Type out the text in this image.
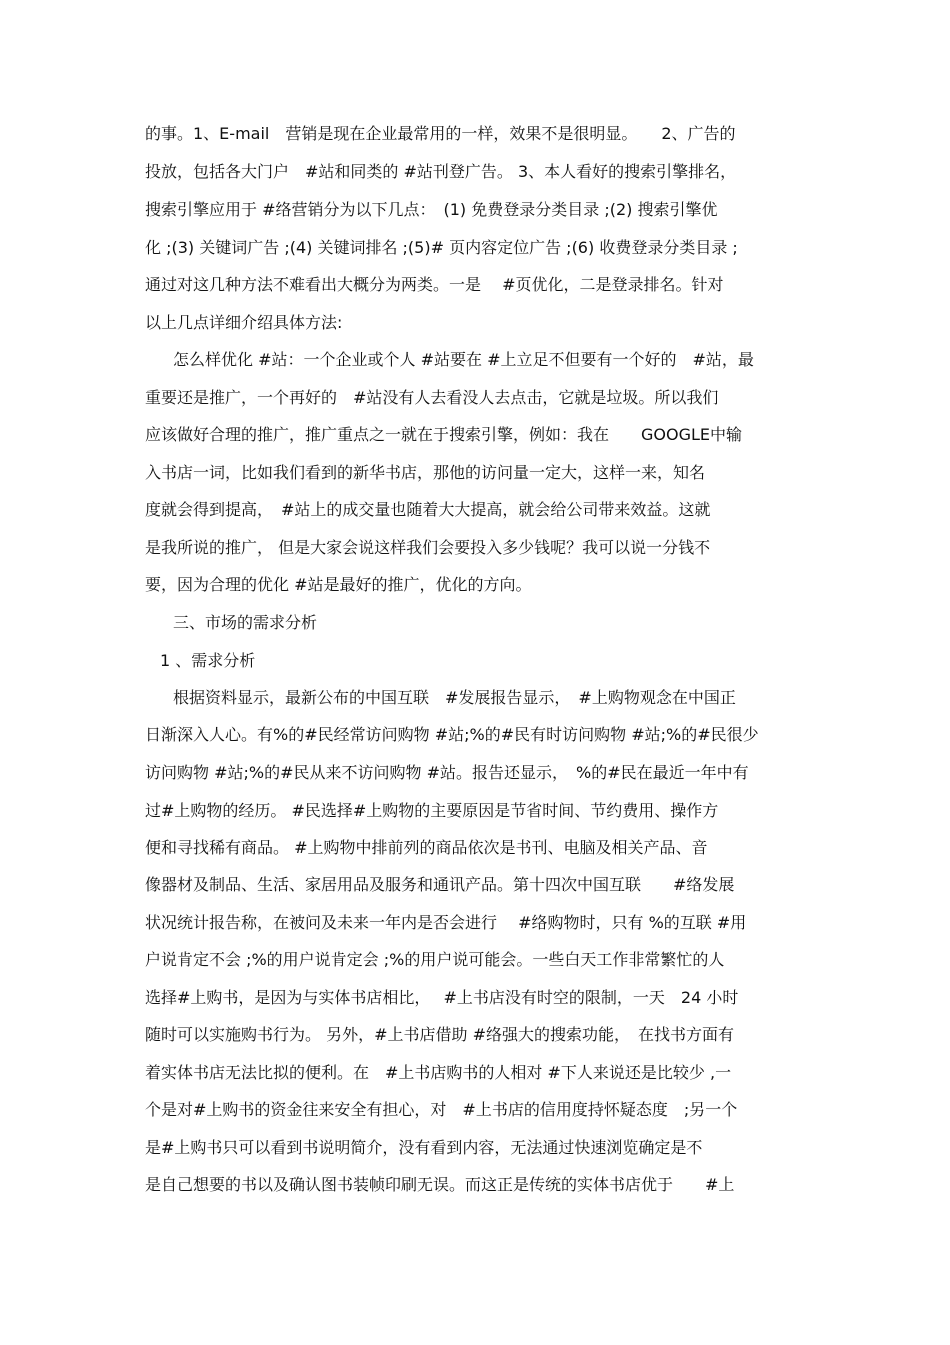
的事。1、E-mail　营销是现在企业最常用的一样，效果不是很明显。　　2、广告的
投放，包括各大门户　#站和同类的 #站刊登广告。 3、本人看好的搜索引擎排名，
搜索引擎应用于 #络营销分为以下几点：　(1) 免费登录分类目录 ;(2) 搜索引擎优
化 ;(3) 关键词广告 ;(4) 关键词排名 ;(5)# 页内容定位广告 ;(6) 收费登录分类目录 ;
通过对这几种方法不难看出大概分为两类。一是　 #页优化，二是登录排名。针对
以上几点详细介绍具体方法:
怎么样优化 #站：一个企业或个人 #站要在 #上立足不但要有一个好的　#站，最
重要还是推广，一个再好的　#站没有人去看没人去点击，它就是垃圾。所以我们
应该做好合理的推广，推广重点之一就在于搜索引擎，例如：我在　　GOOGLE中输
入书店一词，比如我们看到的新华书店，那他的访问量一定大，这样一来，知名
度就会得到提高，　#站上的成交量也随着大大提高，就会给公司带来效益。这就
是我所说的推广， 但是大家会说这样我们会要投入多少钱呢？我可以说一分钱不
要，因为合理的优化 #站是最好的推广，优化的方向。
三、市场的需求分析
1 、需求分析
根据资料显示，最新公布的中国互联　#发展报告显示，　#上购物观念在中国正
日渐深入人心。有%的#民经常访问购物 #站;%的#民有时访问购物 #站;%的#民很少
访问购物 #站;%的#民从来不访问购物 #站。报告还显示，　%的#民在最近一年中有
过#上购物的经历。 #民选择#上购物的主要原因是节省时间、节约费用、操作方
便和寻找稀有商品。 #上购物中排前列的商品依次是书刊、电脑及相关产品、音
像器材及制品、生活、家居用品及服务和通讯产品。第十四次中国互联　　#络发展
状况统计报告称，在被问及未来一年内是否会进行　 #络购物时，只有 %的互联 #用
户说肯定不会 ;%的用户说肯定会 ;%的用户说可能会。一些白天工作非常繁忙的人
选择#上购书，是因为与实体书店相比，　 #上书店没有时空的限制，一天　24 小时
随时可以实施购书行为。 另外，#上书店借助 #络强大的搜索功能，　在找书方面有
着实体书店无法比拟的便利。在　#上书店购书的人相对 #下人来说还是比较少 ,一
个是对#上购书的资金往来安全有担心，对　#上书店的信用度持怀疑态度　;另一个
是#上购书只可以看到书说明简介，没有看到内容，无法通过快速浏览确定是不
是自己想要的书以及确认图书装帧印刷无误。而这正是传统的实体书店优于　　#上
